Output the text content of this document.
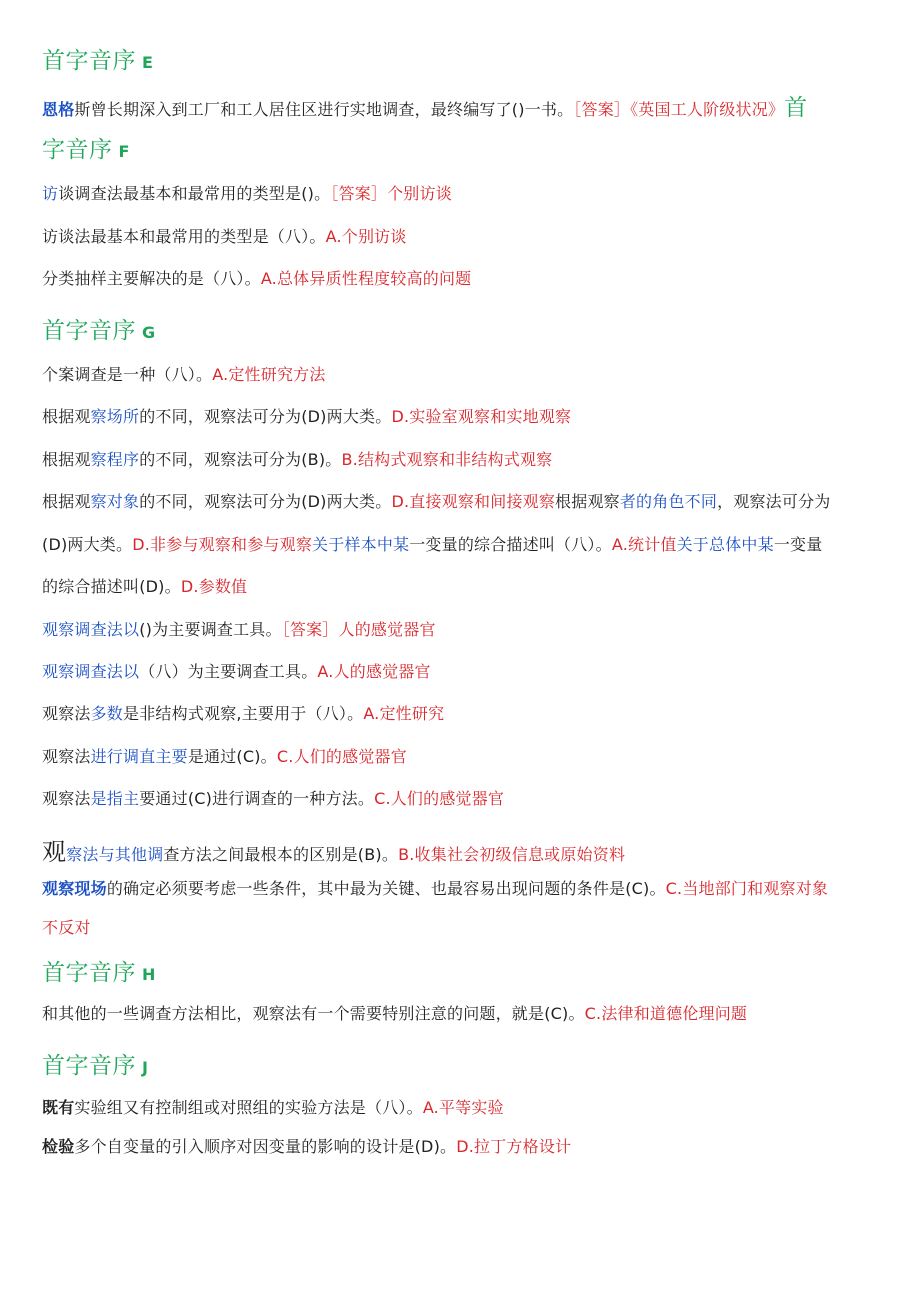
首字音序 E
恩格斯曾长期深入到工厂和工人居住区进行实地调查，最终编写了()一书。［答案］《英国工人阶级状况》首
字音序 F
访谈调查法最基本和最常用的类型是()。［答案］个别访谈
访谈法最基本和最常用的类型是（八）。A.个别访谈
分类抽样主要解决的是（八）。A.总体异质性程度较高的问题
首字音序 G
个案调查是一种（八）。A.定性研究方法
根据观察场所的不同，观察法可分为(D)两大类。D.实验室观察和实地观察
根据观察程序的不同，观察法可分为(B)。B.结构式观察和非结构式观察
根据观察对象的不同，观察法可分为(D)两大类。D.直接观察和间接观察根据观察者的角色不同，观察法可分为
(D)两大类。D.非参与观察和参与观察关于样本中某一变量的综合描述叫（八）。A.统计值关于总体中某一变量
的综合描述叫(D)。D.参数值
观察调查法以()为主要调查工具。［答案］人的感觉器官
观察调查法以（八）为主要调查工具。A.人的感觉器官
观察法多数是非结构式观察,主要用于（八）。A.定性研究
观察法进行调直主要是通过(C)。C.人们的感觉器官
观察法是指主要通过(C)进行调查的一种方法。C.人们的感觉器官
观察法与其他调查方法之间最根本的区别是(B)。B.收集社会初级信息或原始资料
观察现场的确定必须要考虑一些条件，其中最为关键、也最容易出现问题的条件是(C)。C.当地部门和观察对象
不反对
首字音序 H
和其他的一些调查方法相比，观察法有一个需要特别注意的问题，就是(C)。C.法律和道德伦理问题
首字音序 J
既有实验组又有控制组或对照组的实验方法是（八）。A.平等实验
检验多个自变量的引入顺序对因变量的影响的设计是(D)。D.拉丁方格设计
